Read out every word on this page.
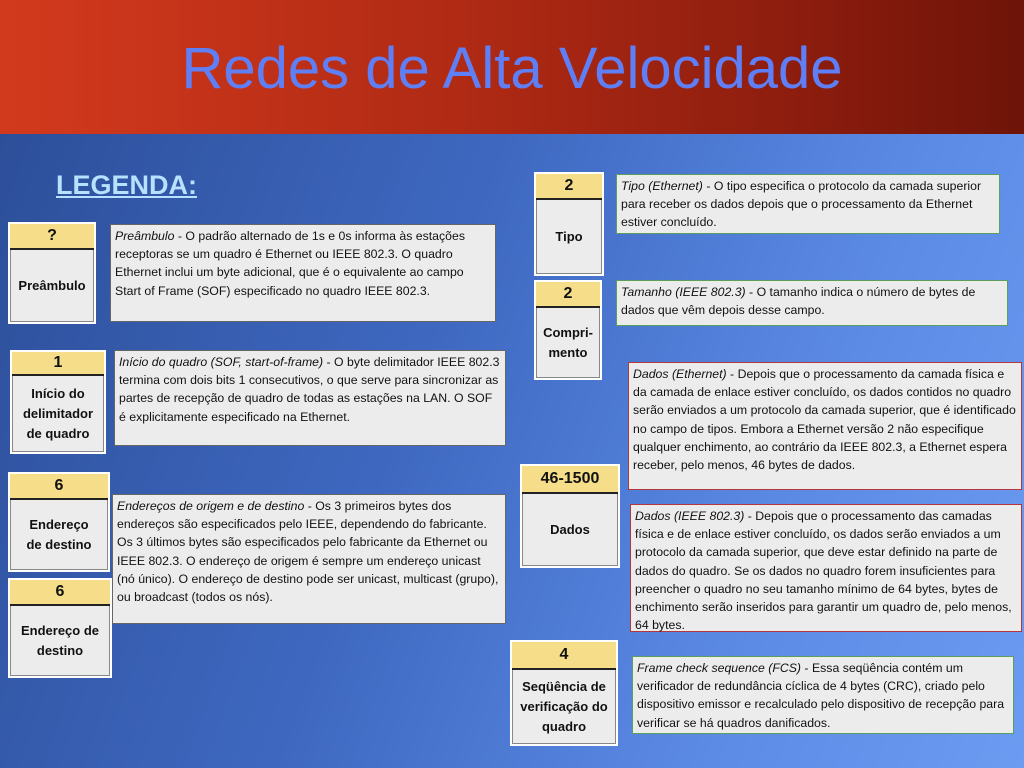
Redes de Alta Velocidade
LEGENDA:
?
Preâmbulo
1
Início do delimitador de quadro
6
Endereço de destino
6
Endereço de destino
2
Tipo
2
Compri-mento
46-1500
Dados
4
Seqüência de verificação do quadro
Preâmbulo - O padrão alternado de 1s e 0s informa às estações receptoras se um quadro é Ethernet ou IEEE 802.3. O quadro Ethernet inclui um byte adicional, que é o equivalente ao campo Start of Frame (SOF) especificado no quadro IEEE 802.3.
Início do quadro (SOF, start-of-frame) - O byte delimitador IEEE 802.3 termina com dois bits 1 consecutivos, o que serve para sincronizar as partes de recepção de quadro de todas as estações na LAN. O SOF é explicitamente especificado na Ethernet.
Endereços de origem e de destino - Os 3 primeiros bytes dos endereços são especificados pelo IEEE, dependendo do fabricante. Os 3 últimos bytes são especificados pelo fabricante da Ethernet ou IEEE 802.3. O endereço de origem é sempre um endereço unicast (nó único). O endereço de destino pode ser unicast, multicast (grupo), ou broadcast (todos os nós).
Tipo (Ethernet) - O tipo especifica o protocolo da camada superior para receber os dados depois que o processamento da Ethernet estiver concluído.
Tamanho (IEEE 802.3) - O tamanho indica o número de bytes de dados que vêm depois desse campo.
Dados (Ethernet) - Depois que o processamento da camada física e da camada de enlace estiver concluído, os dados contidos no quadro serão enviados a um protocolo da camada superior, que é identificado no campo de tipos. Embora a Ethernet versão 2 não especifique qualquer enchimento, ao contrário da IEEE 802.3, a Ethernet espera receber, pelo menos, 46 bytes de dados.
Dados (IEEE 802.3) - Depois que o processamento das camadas física e de enlace estiver concluído, os dados serão enviados a um protocolo da camada superior, que deve estar definido na parte de dados do quadro. Se os dados no quadro forem insuficientes para preencher o quadro no seu tamanho mínimo de 64 bytes, bytes de enchimento serão inseridos para garantir um quadro de, pelo menos, 64 bytes.
Frame check sequence (FCS) - Essa seqüência contém um verificador de redundância cíclica de 4 bytes (CRC), criado pelo dispositivo emissor e recalculado pelo dispositivo de recepção para verificar se há quadros danificados.
